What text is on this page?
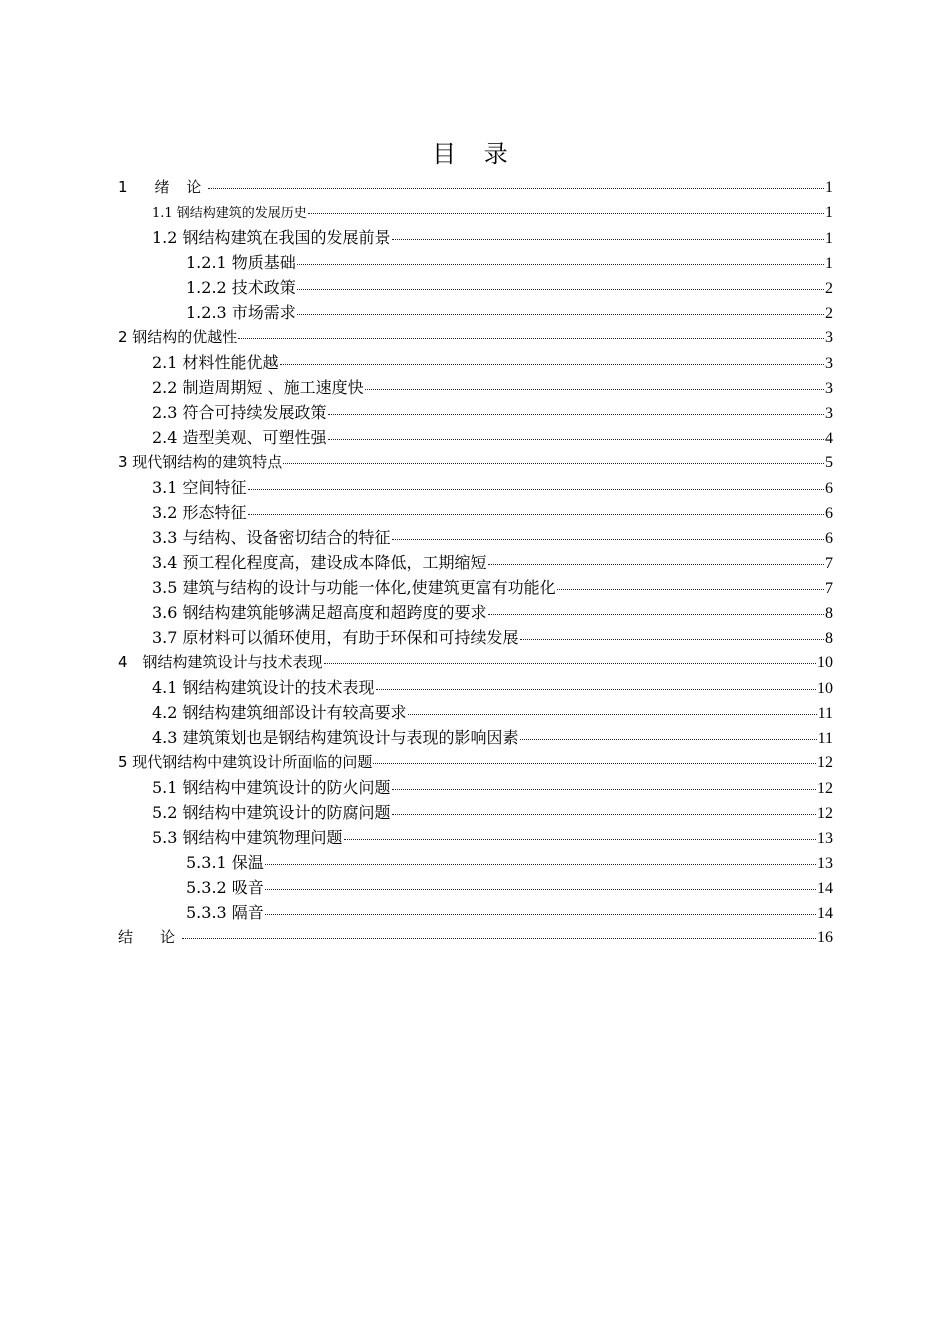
目 录
1　绪 论	1
1.1 钢结构建筑的发展历史	1
1.2 钢结构建筑在我国的发展前景	1
1.2.1 物质基础	1
1.2.2 技术政策	2
1.2.3 市场需求	2
2 钢结构的优越性	3
2.1 材料性能优越	3
2.2 制造周期短 、施工速度快	3
2.3 符合可持续发展政策	3
2.4 造型美观、可塑性强	4
3 现代钢结构的建筑特点	5
3.1 空间特征	6
3.2 形态特征	6
3.3 与结构、设备密切结合的特征	6
3.4 预工程化程度高，建设成本降低，工期缩短	7
3.5 建筑与结构的设计与功能一体化,使建筑更富有功能化	7
3.6 钢结构建筑能够满足超高度和超跨度的要求	8
3.7 原材料可以循环使用，有助于环保和可持续发展	8
4　钢结构建筑设计与技术表现	10
4.1 钢结构建筑设计的技术表现	10
4.2 钢结构建筑细部设计有较高要求	11
4.3 建筑策划也是钢结构建筑设计与表现的影响因素	11
5 现代钢结构中建筑设计所面临的问题	12
5.1 钢结构中建筑设计的防火问题	12
5.2 钢结构中建筑设计的防腐问题	12
5.3 钢结构中建筑物理问题	13
5.3.1 保温	13
5.3.2 吸音	14
5.3.3 隔音	14
结　论	16
